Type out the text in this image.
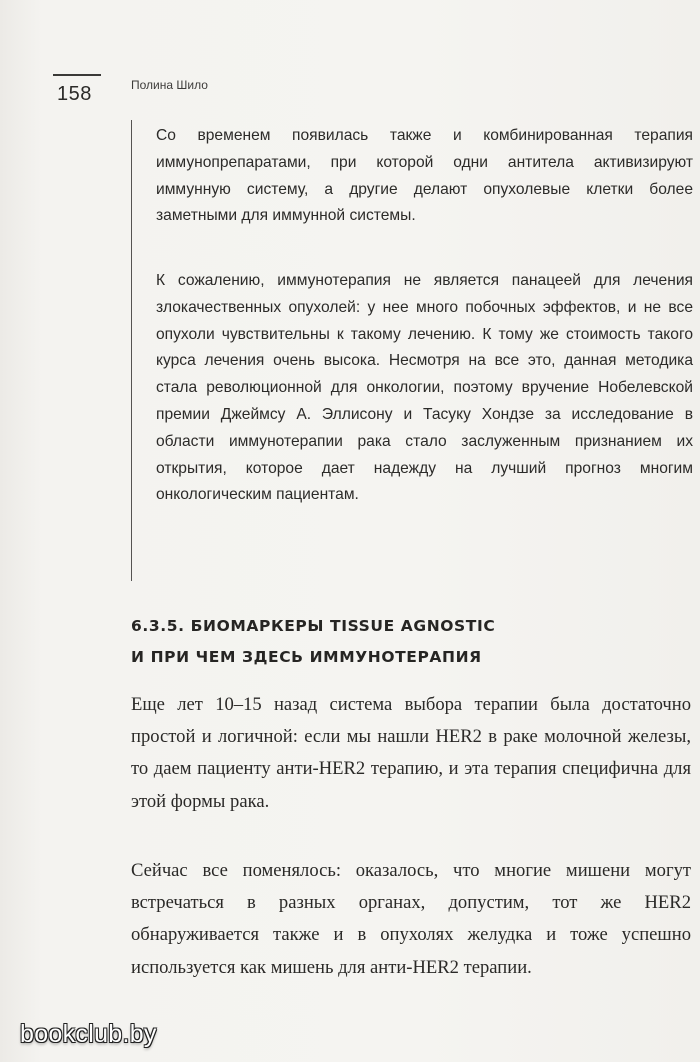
158	Полина Шило

Со временем появилась также и комбинированная терапия иммунопрепаратами, при которой одни антитела активизируют иммунную систему, а другие делают опухолевые клетки более заметными для иммунной системы.

К сожалению, иммунотерапия не является панацеей для лечения злокачественных опухолей: у нее много побочных эффектов, и не все опухоли чувствительны к такому лечению. К тому же стоимость такого курса лечения очень высока. Несмотря на все это, данная методика стала революционной для онкологии, поэтому вручение Нобелевской премии Джеймсу А. Эллисону и Тасуку Хондзе за исследование в области иммунотерапии рака стало заслуженным признанием их открытия, которое дает надежду на лучший прогноз многим онкологическим пациентам.

6.3.5. БИОМАРКЕРЫ TISSUE AGNOSTIC
И ПРИ ЧЕМ ЗДЕСЬ ИММУНОТЕРАПИЯ

Еще лет 10–15 назад система выбора терапии была достаточно простой и логичной: если мы нашли HER2 в раке молочной железы, то даем пациенту анти-HER2 терапию, и эта терапия специфична для этой формы рака.

Сейчас все поменялось: оказалось, что многие мишени могут встречаться в разных органах, допустим, тот же HER2 обнаруживается также и в опухолях желудка и тоже успешно используется как мишень для анти-HER2 терапии.

bookclub.by
